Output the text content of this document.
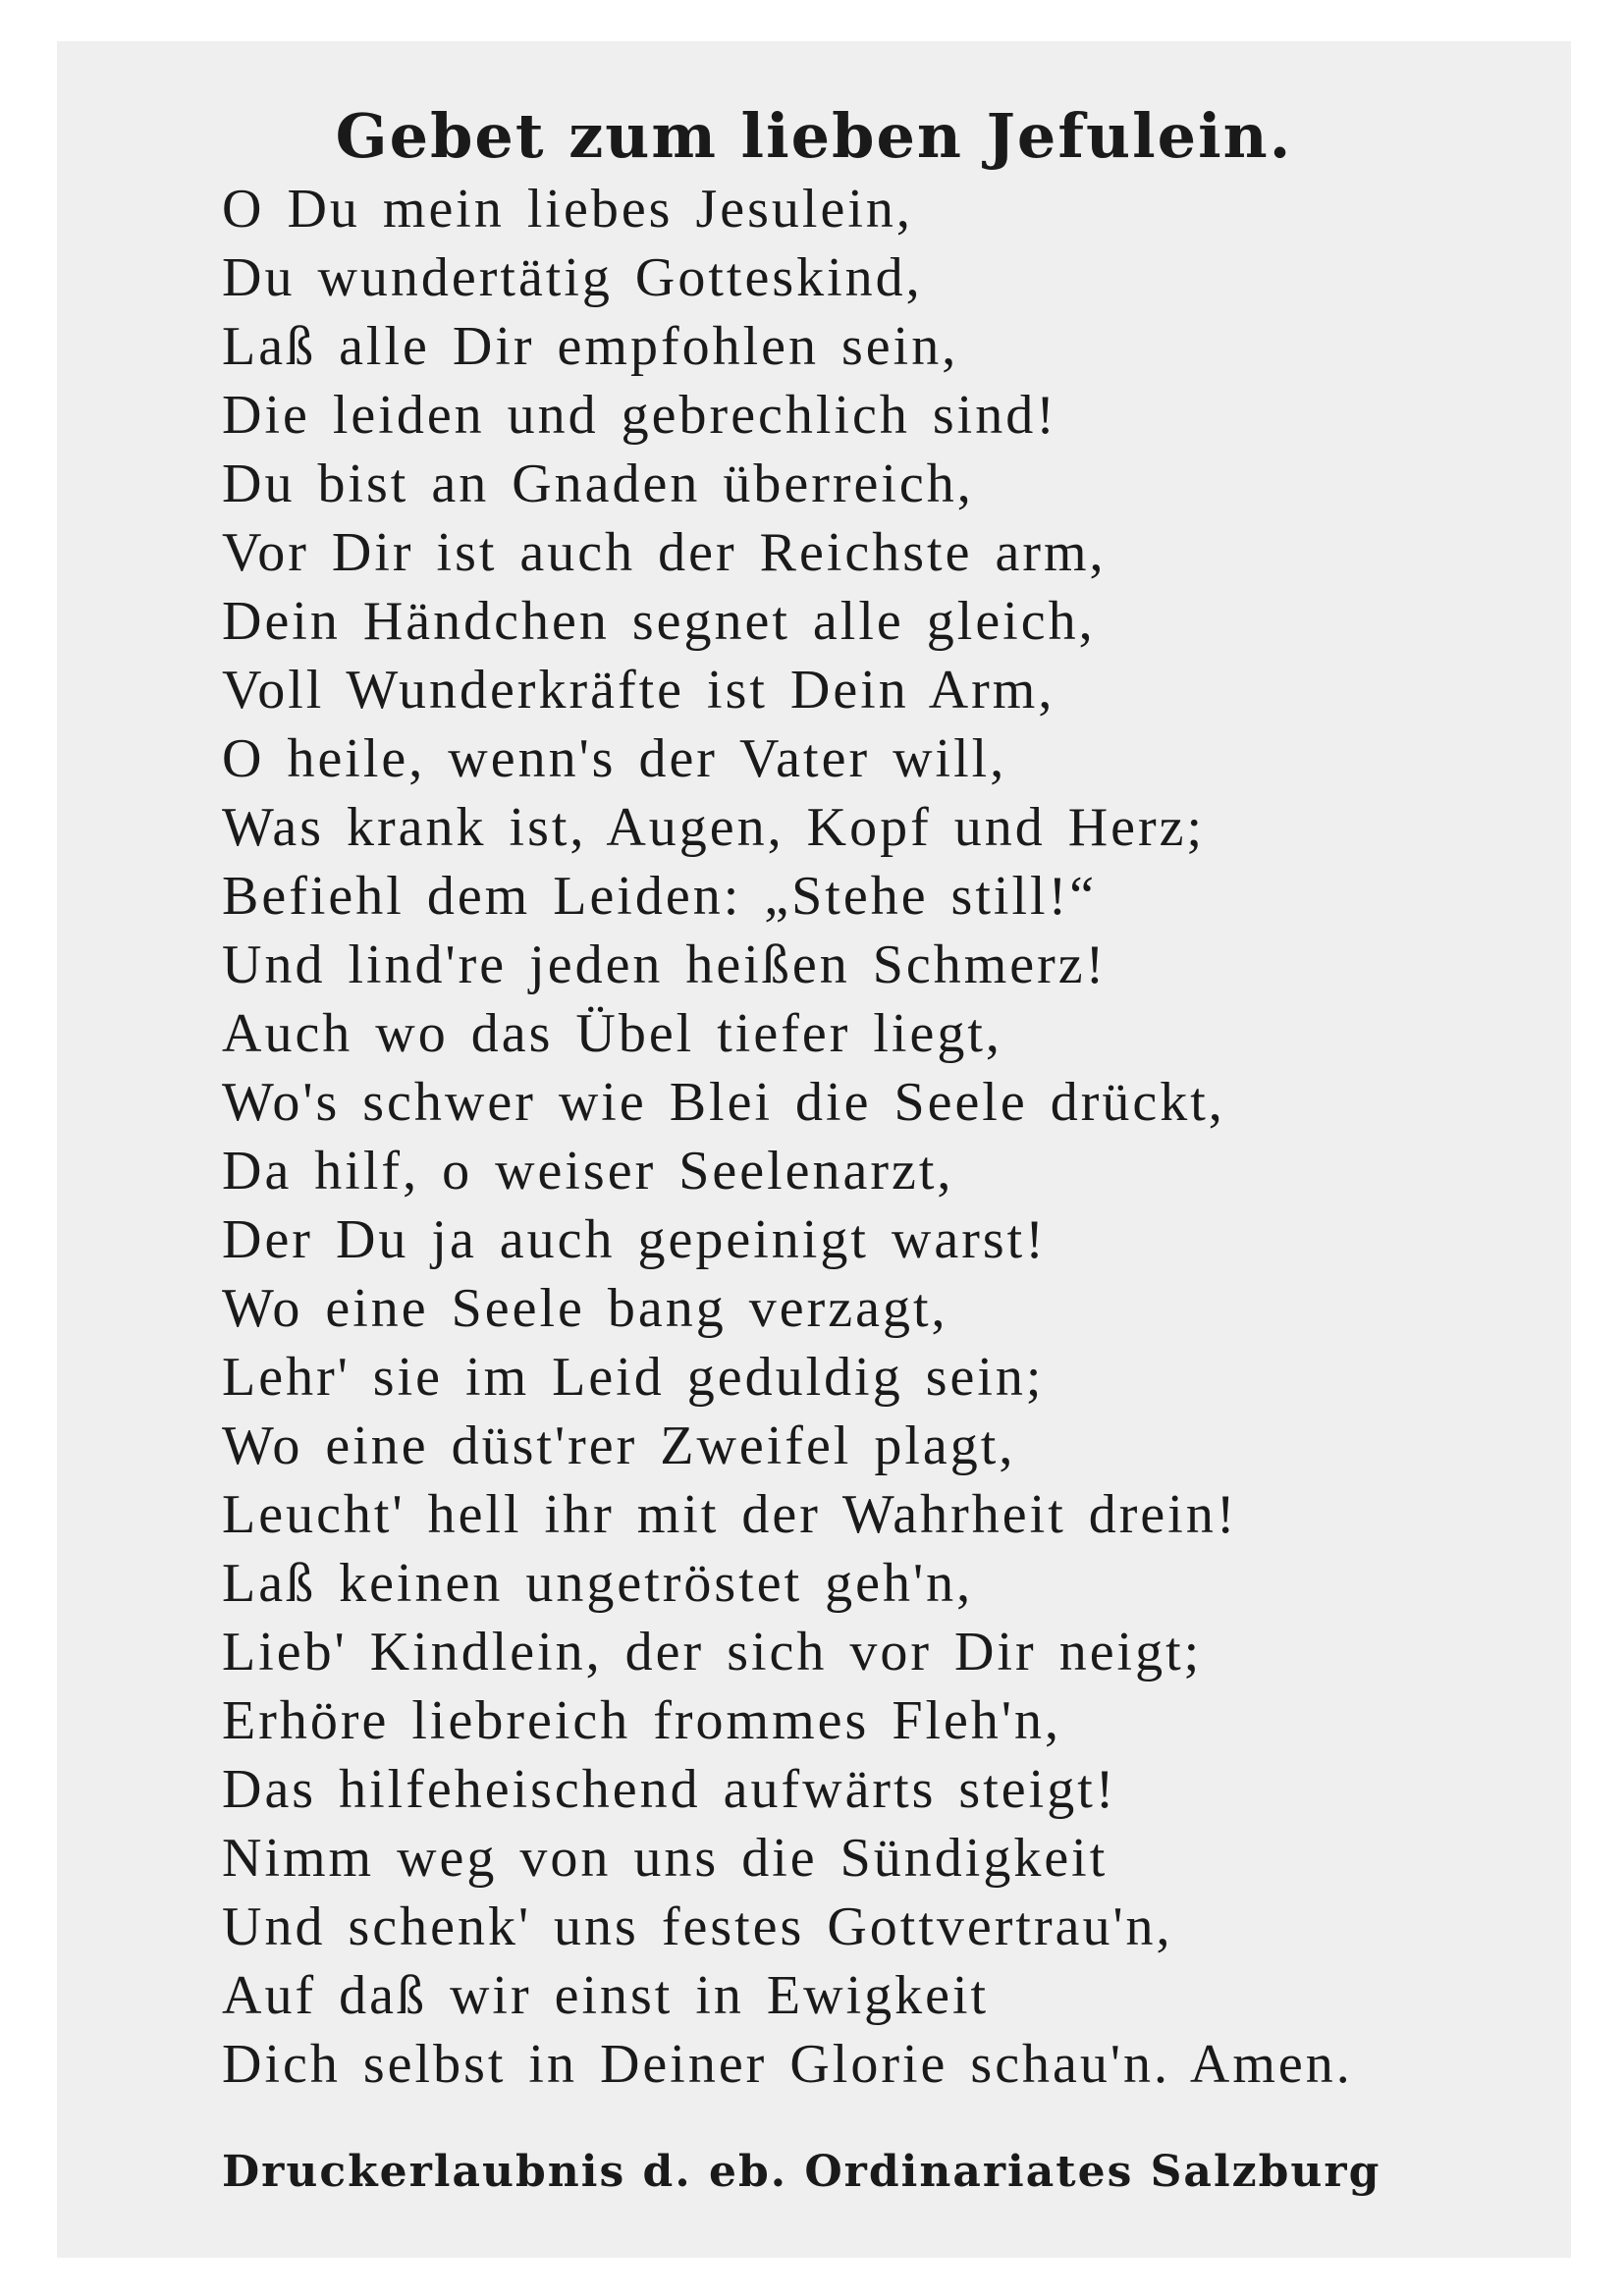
Gebet zum lieben Jefulein.
O Du mein liebes Jesulein,
Du wundertätig Gotteskind,
Laß alle Dir empfohlen sein,
Die leiden und gebrechlich sind!
Du bist an Gnaden überreich,
Vor Dir ist auch der Reichste arm,
Dein Händchen segnet alle gleich,
Voll Wunderkräfte ist Dein Arm,
O heile, wenn's der Vater will,
Was krank ist, Augen, Kopf und Herz;
Befiehl dem Leiden: „Stehe still!“
Und lind're jeden heißen Schmerz!
Auch wo das Übel tiefer liegt,
Wo's schwer wie Blei die Seele drückt,
Da hilf, o weiser Seelenarzt,
Der Du ja auch gepeinigt warst!
Wo eine Seele bang verzagt,
Lehr' sie im Leid geduldig sein;
Wo eine düst'rer Zweifel plagt,
Leucht' hell ihr mit der Wahrheit drein!
Laß keinen ungetröstet geh'n,
Lieb' Kindlein, der sich vor Dir neigt;
Erhöre liebreich frommes Fleh'n,
Das hilfeheischend aufwärts steigt!
Nimm weg von uns die Sündigkeit
Und schenk' uns festes Gottvertrau'n,
Auf daß wir einst in Ewigkeit
Dich selbst in Deiner Glorie schau'n. Amen.

Druckerlaubnis d. eb. Ordinariates Salzburg
